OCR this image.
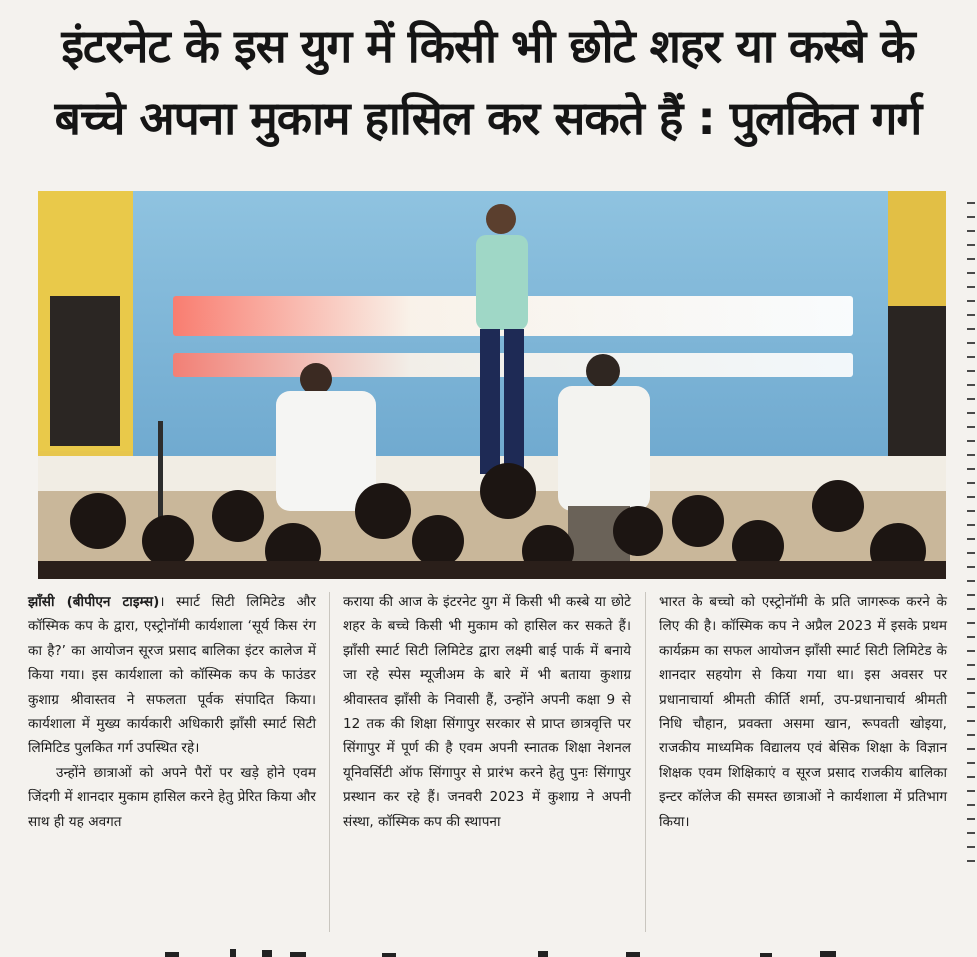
इंटरनेट के इस युग में किसी भी छोटे शहर या कस्बे के
बच्चे अपना मुकाम हासिल कर सकते हैं : पुलकित गर्ग

झाँसी (बीपीएन टाइम्स)। स्मार्ट सिटी लिमिटेड और कॉस्मिक कप के द्वारा, एस्ट्रोनॉमी कार्यशाला ‘सूर्य किस रंग का है?’ का आयोजन सूरज प्रसाद बालिका इंटर कालेज में किया गया। इस कार्यशाला को कॉस्मिक कप के फाउंडर कुशाग्र श्रीवास्तव ने सफलता पूर्वक संपादित किया। कार्यशाला में मुख्य कार्यकारी अधिकारी झाँसी स्मार्ट सिटी लिमिटिड पुलकित गर्ग उपस्थित रहे।

उन्होंने छात्राओं को अपने पैरों पर खड़े होने एवम जिंदगी में शानदार मुकाम हासिल करने हेतु प्रेरित किया और साथ ही यह अवगत

कराया की आज के इंटरनेट युग में किसी भी कस्बे या छोटे शहर के बच्चे किसी भी मुकाम को हासिल कर सकते हैं। झाँसी स्मार्ट सिटी लिमिटेड द्वारा लक्ष्मी बाई पार्क में बनाये जा रहे स्पेस म्यूजीअम के बारे में भी बताया कुशाग्र श्रीवास्तव झाँसी के निवासी हैं, उन्होंने अपनी कक्षा 9 से 12 तक की शिक्षा सिंगापुर सरकार से प्राप्त छात्रवृत्ति पर सिंगापुर में पूर्ण की है एवम अपनी स्नातक शिक्षा नेशनल यूनिवर्सिटी ऑफ सिंगापुर से प्रारंभ करने हेतु पुनः सिंगापुर प्रस्थान कर रहे हैं। जनवरी 2023 में कुशाग्र ने अपनी संस्था, कॉस्मिक कप की स्थापना

भारत के बच्चो को एस्ट्रोनॉमी के प्रति जागरूक करने के लिए की है। कॉस्मिक कप ने अप्रैल 2023 में इसके प्रथम कार्यक्रम का सफल आयोजन झाँसी स्मार्ट सिटी लिमिटेड के शानदार सहयोग से किया गया था। इस अवसर पर प्रधानाचार्या श्रीमती कीर्ति शर्मा, उप-प्रधानाचार्य श्रीमती निधि चौहान, प्रवक्ता असमा खान, रूपवती खोइया, राजकीय माध्यमिक विद्यालय एवं बेसिक शिक्षा के विज्ञान शिक्षक एवम शिक्षिकाएं व सूरज प्रसाद राजकीय बालिका इन्टर कॉलेज की समस्त छात्राओं ने कार्यशाला में प्रतिभाग किया।
